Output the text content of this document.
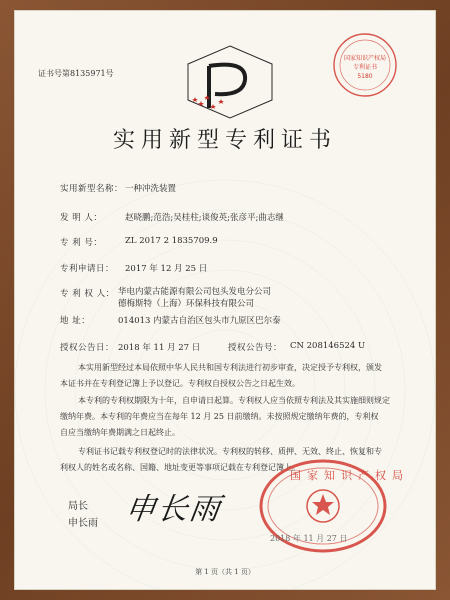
证书号第8135971号
国家知识产权局
专利证书
5180
实用新型专利证书
实用新型名称： 一种冲洗装置
发 明 人：	赵晓鹏;范浩;吴桂柱;谈俊英;张彦平;曲志继
专 利 号：	ZL 2017 2 1835709.9
专利申请日： 2017 年 12 月 25 日
专 利 权 人： 华电内蒙古能源有限公司包头发电分公司
德梅斯特（上海）环保科技有限公司
地 址：	014013 内蒙古自治区包头市九原区巴尔泰
授权公告日： 2018 年 11 月 27 日	授权公告号： CN 208146524 U
本实用新型经过本局依照中华人民共和国专利法进行初步审查，决定授予专利权，颁发
本证书并在专利登记簿上予以登记。专利权自授权公告之日起生效。
本专利的专利权期限为十年，自申请日起算。专利权人应当依照专利法及其实施细则规定
缴纳年费。本专利的年费应当在每年 12 月 25 日前缴纳。未按照规定缴纳年费的，专利权
自应当缴纳年费期满之日起终止。
专利证书记载专利权登记时的法律状况。专利权的转移、质押、无效、终止、恢复和专
利权人的姓名或名称、国籍、地址变更等事项记载在专利登记簿上。
局长
申长雨 申长雨
国家知识产权局
2018 年 11 月 27 日
第 1 页（共 1 页）
